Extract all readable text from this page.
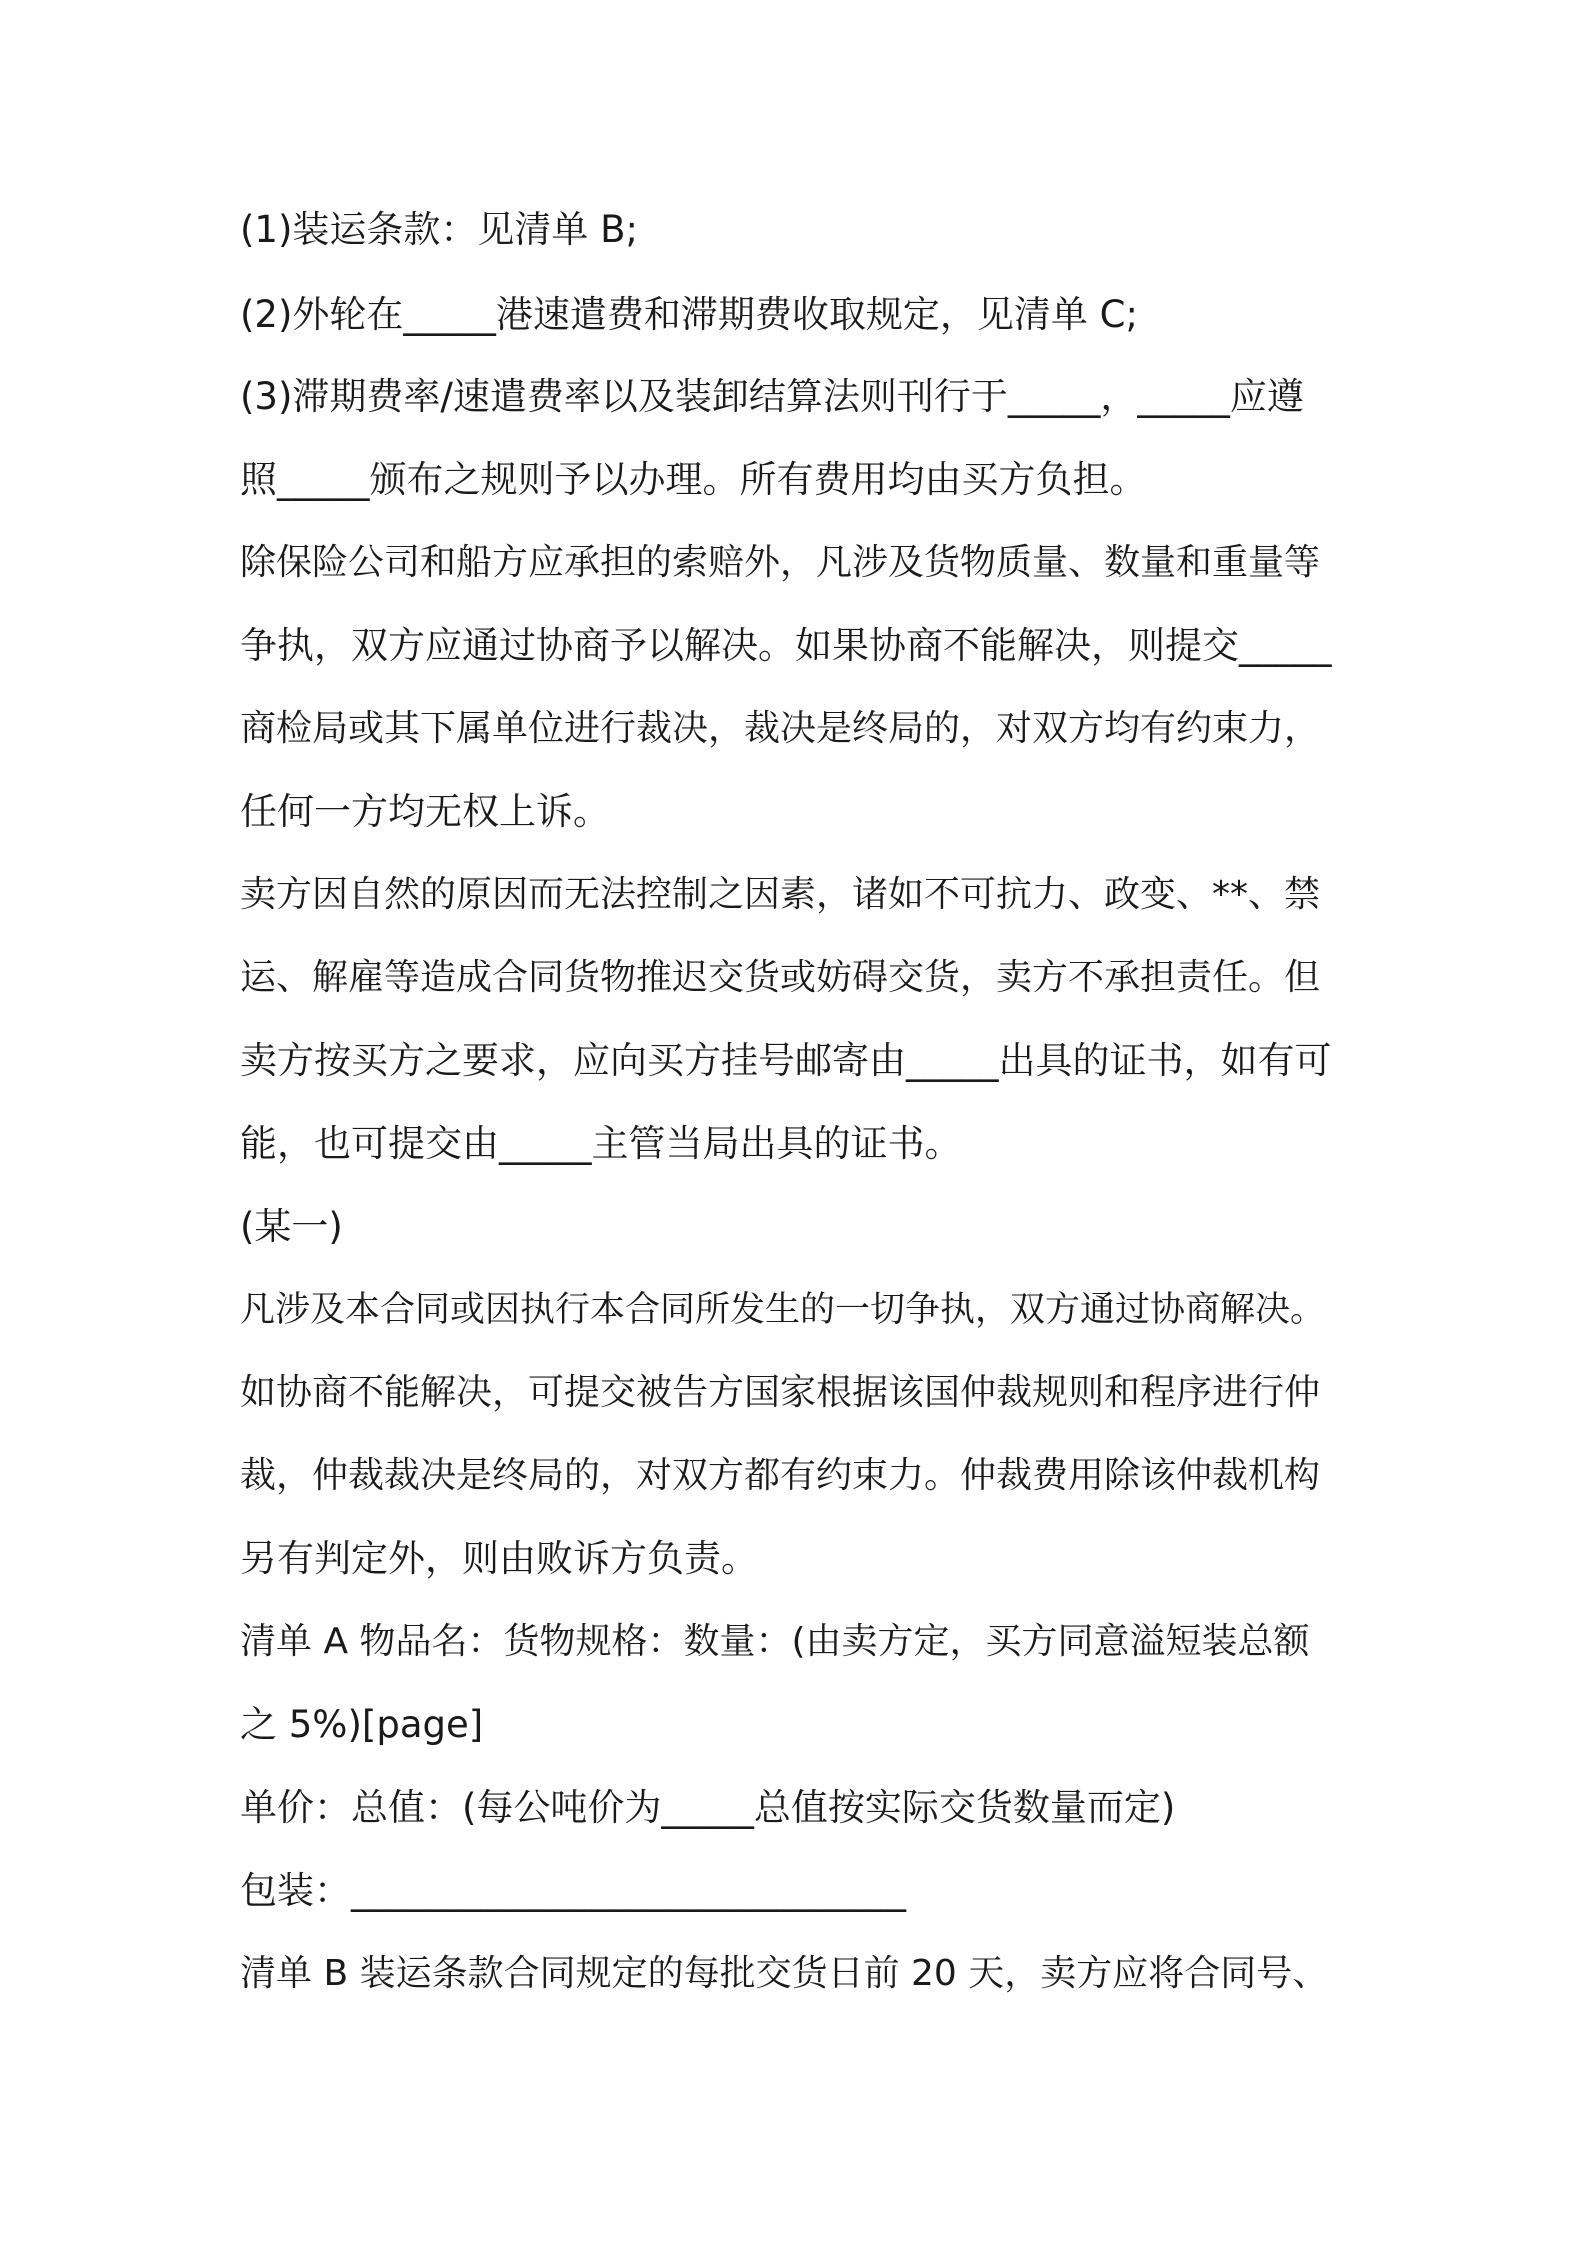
(1)装运条款：见清单 B;

(2)外轮在_____港速遣费和滞期费收取规定，见清单 C;

(3)滞期费率/速遣费率以及装卸结算法则刊行于_____，_____应遵

照_____颁布之规则予以办理。所有费用均由买方负担。

除保险公司和船方应承担的索赔外，凡涉及货物质量、数量和重量等

争执，双方应通过协商予以解决。如果协商不能解决，则提交_____

商检局或其下属单位进行裁决，裁决是终局的，对双方均有约束力，

任何一方均无权上诉。

卖方因自然的原因而无法控制之因素，诸如不可抗力、政变、**、禁

运、解雇等造成合同货物推迟交货或妨碍交货，卖方不承担责任。但

卖方按买方之要求，应向买方挂号邮寄由_____出具的证书，如有可

能，也可提交由_____主管当局出具的证书。

(某一)

凡涉及本合同或因执行本合同所发生的一切争执，双方通过协商解决。

如协商不能解决，可提交被告方国家根据该国仲裁规则和程序进行仲

裁，仲裁裁决是终局的，对双方都有约束力。仲裁费用除该仲裁机构

另有判定外，则由败诉方负责。

清单 A 物品名：货物规格：数量：(由卖方定，买方同意溢短装总额

之 5%)[page]

单价：总值：(每公吨价为_____总值按实际交货数量而定)

包装：______________________________

清单 B 装运条款合同规定的每批交货日前 20 天，卖方应将合同号、
